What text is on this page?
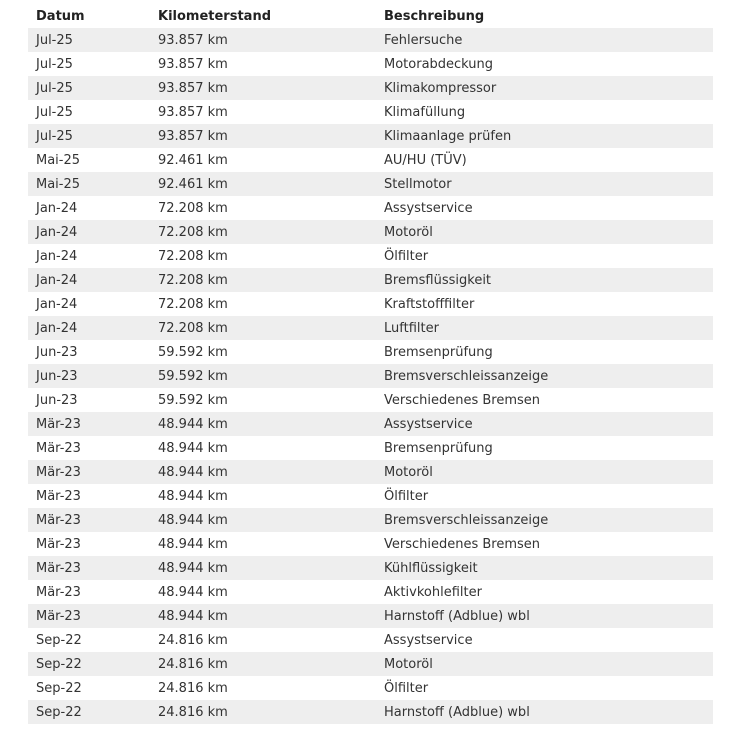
Datum	Kilometerstand	Beschreibung
Jul-25	93.857 km	Fehlersuche
Jul-25	93.857 km	Motorabdeckung
Jul-25	93.857 km	Klimakompressor
Jul-25	93.857 km	Klimafüllung
Jul-25	93.857 km	Klimaanlage prüfen
Mai-25	92.461 km	AU/HU (TÜV)
Mai-25	92.461 km	Stellmotor
Jan-24	72.208 km	Assystservice
Jan-24	72.208 km	Motoröl
Jan-24	72.208 km	Ölfilter
Jan-24	72.208 km	Bremsflüssigkeit
Jan-24	72.208 km	Kraftstofffilter
Jan-24	72.208 km	Luftfilter
Jun-23	59.592 km	Bremsenprüfung
Jun-23	59.592 km	Bremsverschleissanzeige
Jun-23	59.592 km	Verschiedenes Bremsen
Mär-23	48.944 km	Assystservice
Mär-23	48.944 km	Bremsenprüfung
Mär-23	48.944 km	Motoröl
Mär-23	48.944 km	Ölfilter
Mär-23	48.944 km	Bremsverschleissanzeige
Mär-23	48.944 km	Verschiedenes Bremsen
Mär-23	48.944 km	Kühlflüssigkeit
Mär-23	48.944 km	Aktivkohlefilter
Mär-23	48.944 km	Harnstoff (Adblue) wbl
Sep-22	24.816 km	Assystservice
Sep-22	24.816 km	Motoröl
Sep-22	24.816 km	Ölfilter
Sep-22	24.816 km	Harnstoff (Adblue) wbl
